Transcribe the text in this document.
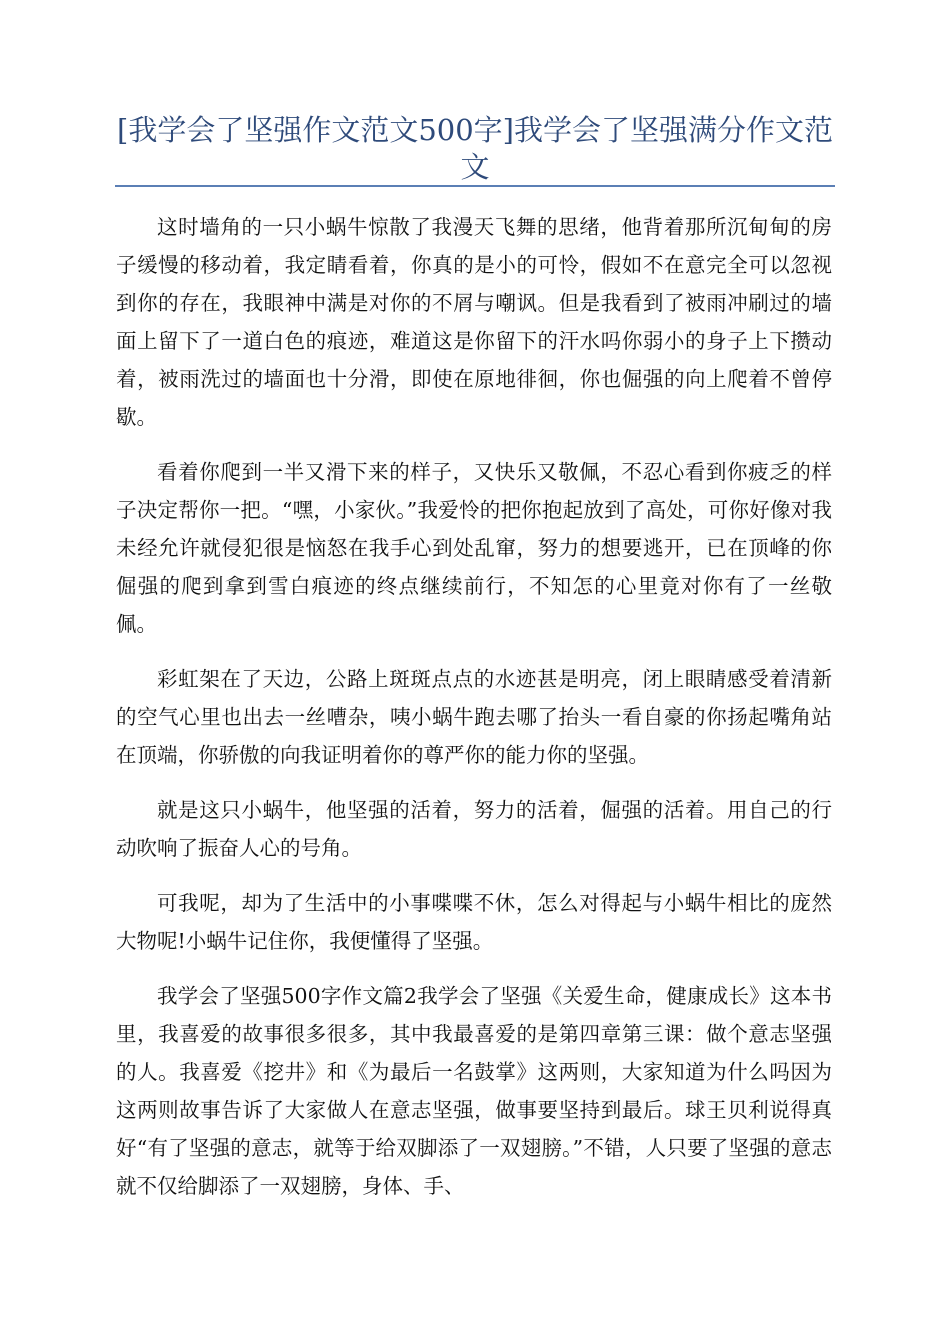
[我学会了坚强作文范文500字]我学会了坚强满分作文范文

这时墙角的一只小蜗牛惊散了我漫天飞舞的思绪，他背着那所沉甸甸的房子缓慢的移动着，我定睛看着，你真的是小的可怜，假如不在意完全可以忽视到你的存在，我眼神中满是对你的不屑与嘲讽。但是我看到了被雨冲刷过的墙面上留下了一道白色的痕迹，难道这是你留下的汗水吗你弱小的身子上下攒动着，被雨洗过的墙面也十分滑，即使在原地徘徊，你也倔强的向上爬着不曾停歇。

看着你爬到一半又滑下来的样子，又快乐又敬佩，不忍心看到你疲乏的样子决定帮你一把。“嘿，小家伙。”我爱怜的把你抱起放到了高处，可你好像对我未经允许就侵犯很是恼怒在我手心到处乱窜，努力的想要逃开，已在顶峰的你倔强的爬到拿到雪白痕迹的终点继续前行，不知怎的心里竟对你有了一丝敬佩。

彩虹架在了天边，公路上斑斑点点的水迹甚是明亮，闭上眼睛感受着清新的空气心里也出去一丝嘈杂，咦小蜗牛跑去哪了抬头一看自豪的你扬起嘴角站在顶端，你骄傲的向我证明着你的尊严你的能力你的坚强。

就是这只小蜗牛，他坚强的活着，努力的活着，倔强的活着。用自己的行动吹响了振奋人心的号角。

可我呢，却为了生活中的小事喋喋不休，怎么对得起与小蜗牛相比的庞然大物呢!小蜗牛记住你，我便懂得了坚强。

我学会了坚强500字作文篇2我学会了坚强《关爱生命，健康成长》这本书里，我喜爱的故事很多很多，其中我最喜爱的是第四章第三课：做个意志坚强的人。我喜爱《挖井》和《为最后一名鼓掌》这两则，大家知道为什么吗因为这两则故事告诉了大家做人在意志坚强，做事要坚持到最后。球王贝利说得真好“有了坚强的意志，就等于给双脚添了一双翅膀。”不错，人只要了坚强的意志就不仅给脚添了一双翅膀，身体、手、
